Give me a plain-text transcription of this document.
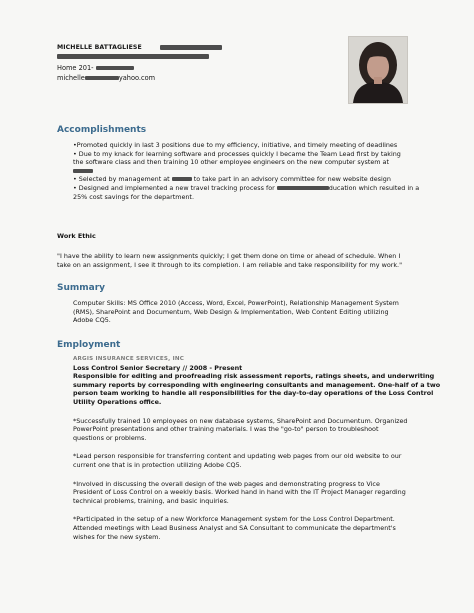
MICHELLE BATTAGLIESE
Home 201-
michelle	yahoo.com
Accomplishments
•Promoted quickly in last 3 positions due to my efficiency, initiative, and timely meeting of deadlines
• Due to my knack for learning software and processes quickly I became the Team Lead first by taking
the software class and then training 10 other employee engineers on the new computer system at
• Selected by management at	to take part in an advisory committee for new website design
• Designed and implemented a new travel tracking process for	ducation which resulted in a
25% cost savings for the department.
Work Ethic
"I have the ability to learn new assignments quickly; I get them done on time or ahead of schedule. When I
take on an assignment, I see it through to its completion. I am reliable and take responsibility for my work."
Summary
Computer Skills: MS Office 2010 (Access, Word, Excel, PowerPoint), Relationship Management System
(RMS), SharePoint and Documentum, Web Design & Implementation, Web Content Editing utilizing
Adobe CQ5.
Employment
ARGIS INSURANCE SERVICES, INC
Loss Control Senior Secretary // 2008 - Present
Responsible for editing and proofreading risk assessment reports, ratings sheets, and underwriting
summary reports by corresponding with engineering consultants and management. One-half of a two
person team working to handle all responsibilities for the day-to-day operations of the Loss Control
Utility Operations office.
*Successfully trained 10 employees on new database systems, SharePoint and Documentum. Organized
PowerPoint presentations and other training materials. I was the "go-to" person to troubleshoot
questions or problems.
*Lead person responsible for transferring content and updating web pages from our old website to our
current one that is in protection utilizing Adobe CQ5.
*Involved in discussing the overall design of the web pages and demonstrating progress to Vice
President of Loss Control on a weekly basis. Worked hand in hand with the IT Project Manager regarding
technical problems, training, and basic inquiries.
*Participated in the setup of a new Workforce Management system for the Loss Control Department.
Attended meetings with Lead Business Analyst and SA Consultant to communicate the department's
wishes for the new system.
